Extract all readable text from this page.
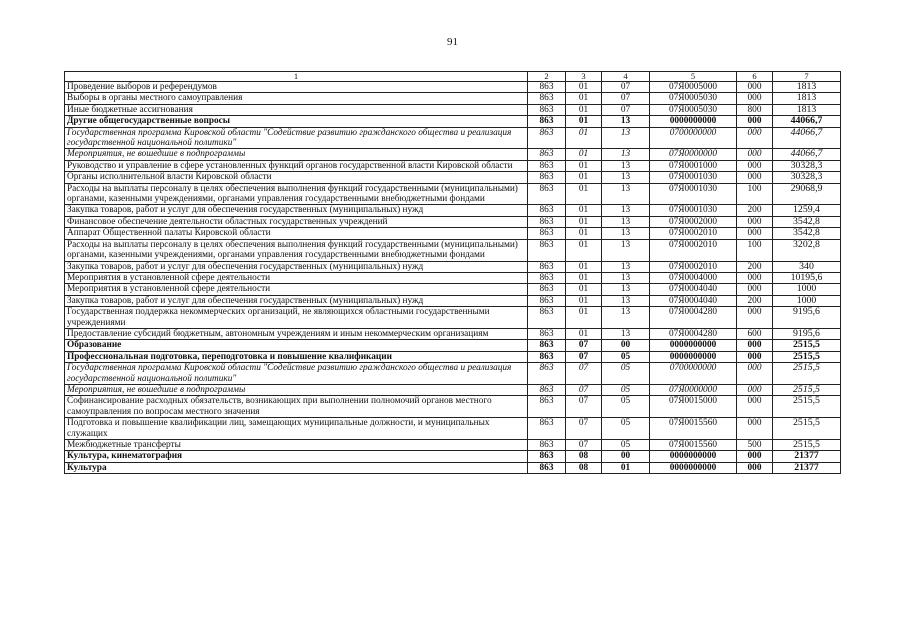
91
1	2	3	4	5	6	7
Проведение выборов и референдумов	863	01	07	07Я0005000	000	1813
Выборы в органы местного самоуправления	863	01	07	07Я0005030	000	1813
Иные бюджетные ассигнования	863	01	07	07Я0005030	800	1813
Другие общегосударственные вопросы	863	01	13	0000000000	000	44066,7
Государственная программа Кировской области "Содействие развитию гражданского общества и реализация государственной национальной политики"	863	01	13	0700000000	000	44066,7
Мероприятия, не вошедшие в подпрограммы	863	01	13	07Я0000000	000	44066,7
Руководство и управление в сфере установленных функций органов государственной власти Кировской области	863	01	13	07Я0001000	000	30328,3
Органы исполнительной власти Кировской области	863	01	13	07Я0001030	000	30328,3
Расходы на выплаты персоналу в целях обеспечения выполнения функций государственными (муниципальными) органами, казенными учреждениями, органами управления государственными внебюджетными фондами	863	01	13	07Я0001030	100	29068,9
Закупка товаров, работ и услуг для обеспечения государственных (муниципальных) нужд	863	01	13	07Я0001030	200	1259,4
Финансовое обеспечение деятельности областных государственных учреждений	863	01	13	07Я0002000	000	3542,8
Аппарат Общественной палаты Кировской области	863	01	13	07Я0002010	000	3542,8
Расходы на выплаты персоналу в целях обеспечения выполнения функций государственными (муниципальными) органами, казенными учреждениями, органами управления государственными внебюджетными фондами	863	01	13	07Я0002010	100	3202,8
Закупка товаров, работ и услуг для обеспечения государственных (муниципальных) нужд	863	01	13	07Я0002010	200	340
Мероприятия в установленной сфере деятельности	863	01	13	07Я0004000	000	10195,6
Мероприятия в установленной сфере деятельности	863	01	13	07Я0004040	000	1000
Закупка товаров, работ и услуг для обеспечения государственных (муниципальных) нужд	863	01	13	07Я0004040	200	1000
Государственная поддержка некоммерческих организаций, не являющихся областными государственными учреждениями	863	01	13	07Я0004280	000	9195,6
Предоставление субсидий бюджетным, автономным учреждениям и иным некоммерческим организациям	863	01	13	07Я0004280	600	9195,6
Образование	863	07	00	0000000000	000	2515,5
Профессиональная подготовка, переподготовка и повышение квалификации	863	07	05	0000000000	000	2515,5
Государственная программа Кировской области "Содействие развитию гражданского общества и реализация государственной национальной политики"	863	07	05	0700000000	000	2515,5
Мероприятия, не вошедшие в подпрограммы	863	07	05	07Я0000000	000	2515,5
Софинансирование расходных обязательств, возникающих при выполнении полномочий органов местного самоуправления по вопросам местного значения	863	07	05	07Я0015000	000	2515,5
Подготовка и повышение квалификации лиц, замещающих муниципальные должности, и муниципальных служащих	863	07	05	07Я0015560	000	2515,5
Межбюджетные трансферты	863	07	05	07Я0015560	500	2515,5
Культура, кинематография	863	08	00	0000000000	000	21377
Культура	863	08	01	0000000000	000	21377
